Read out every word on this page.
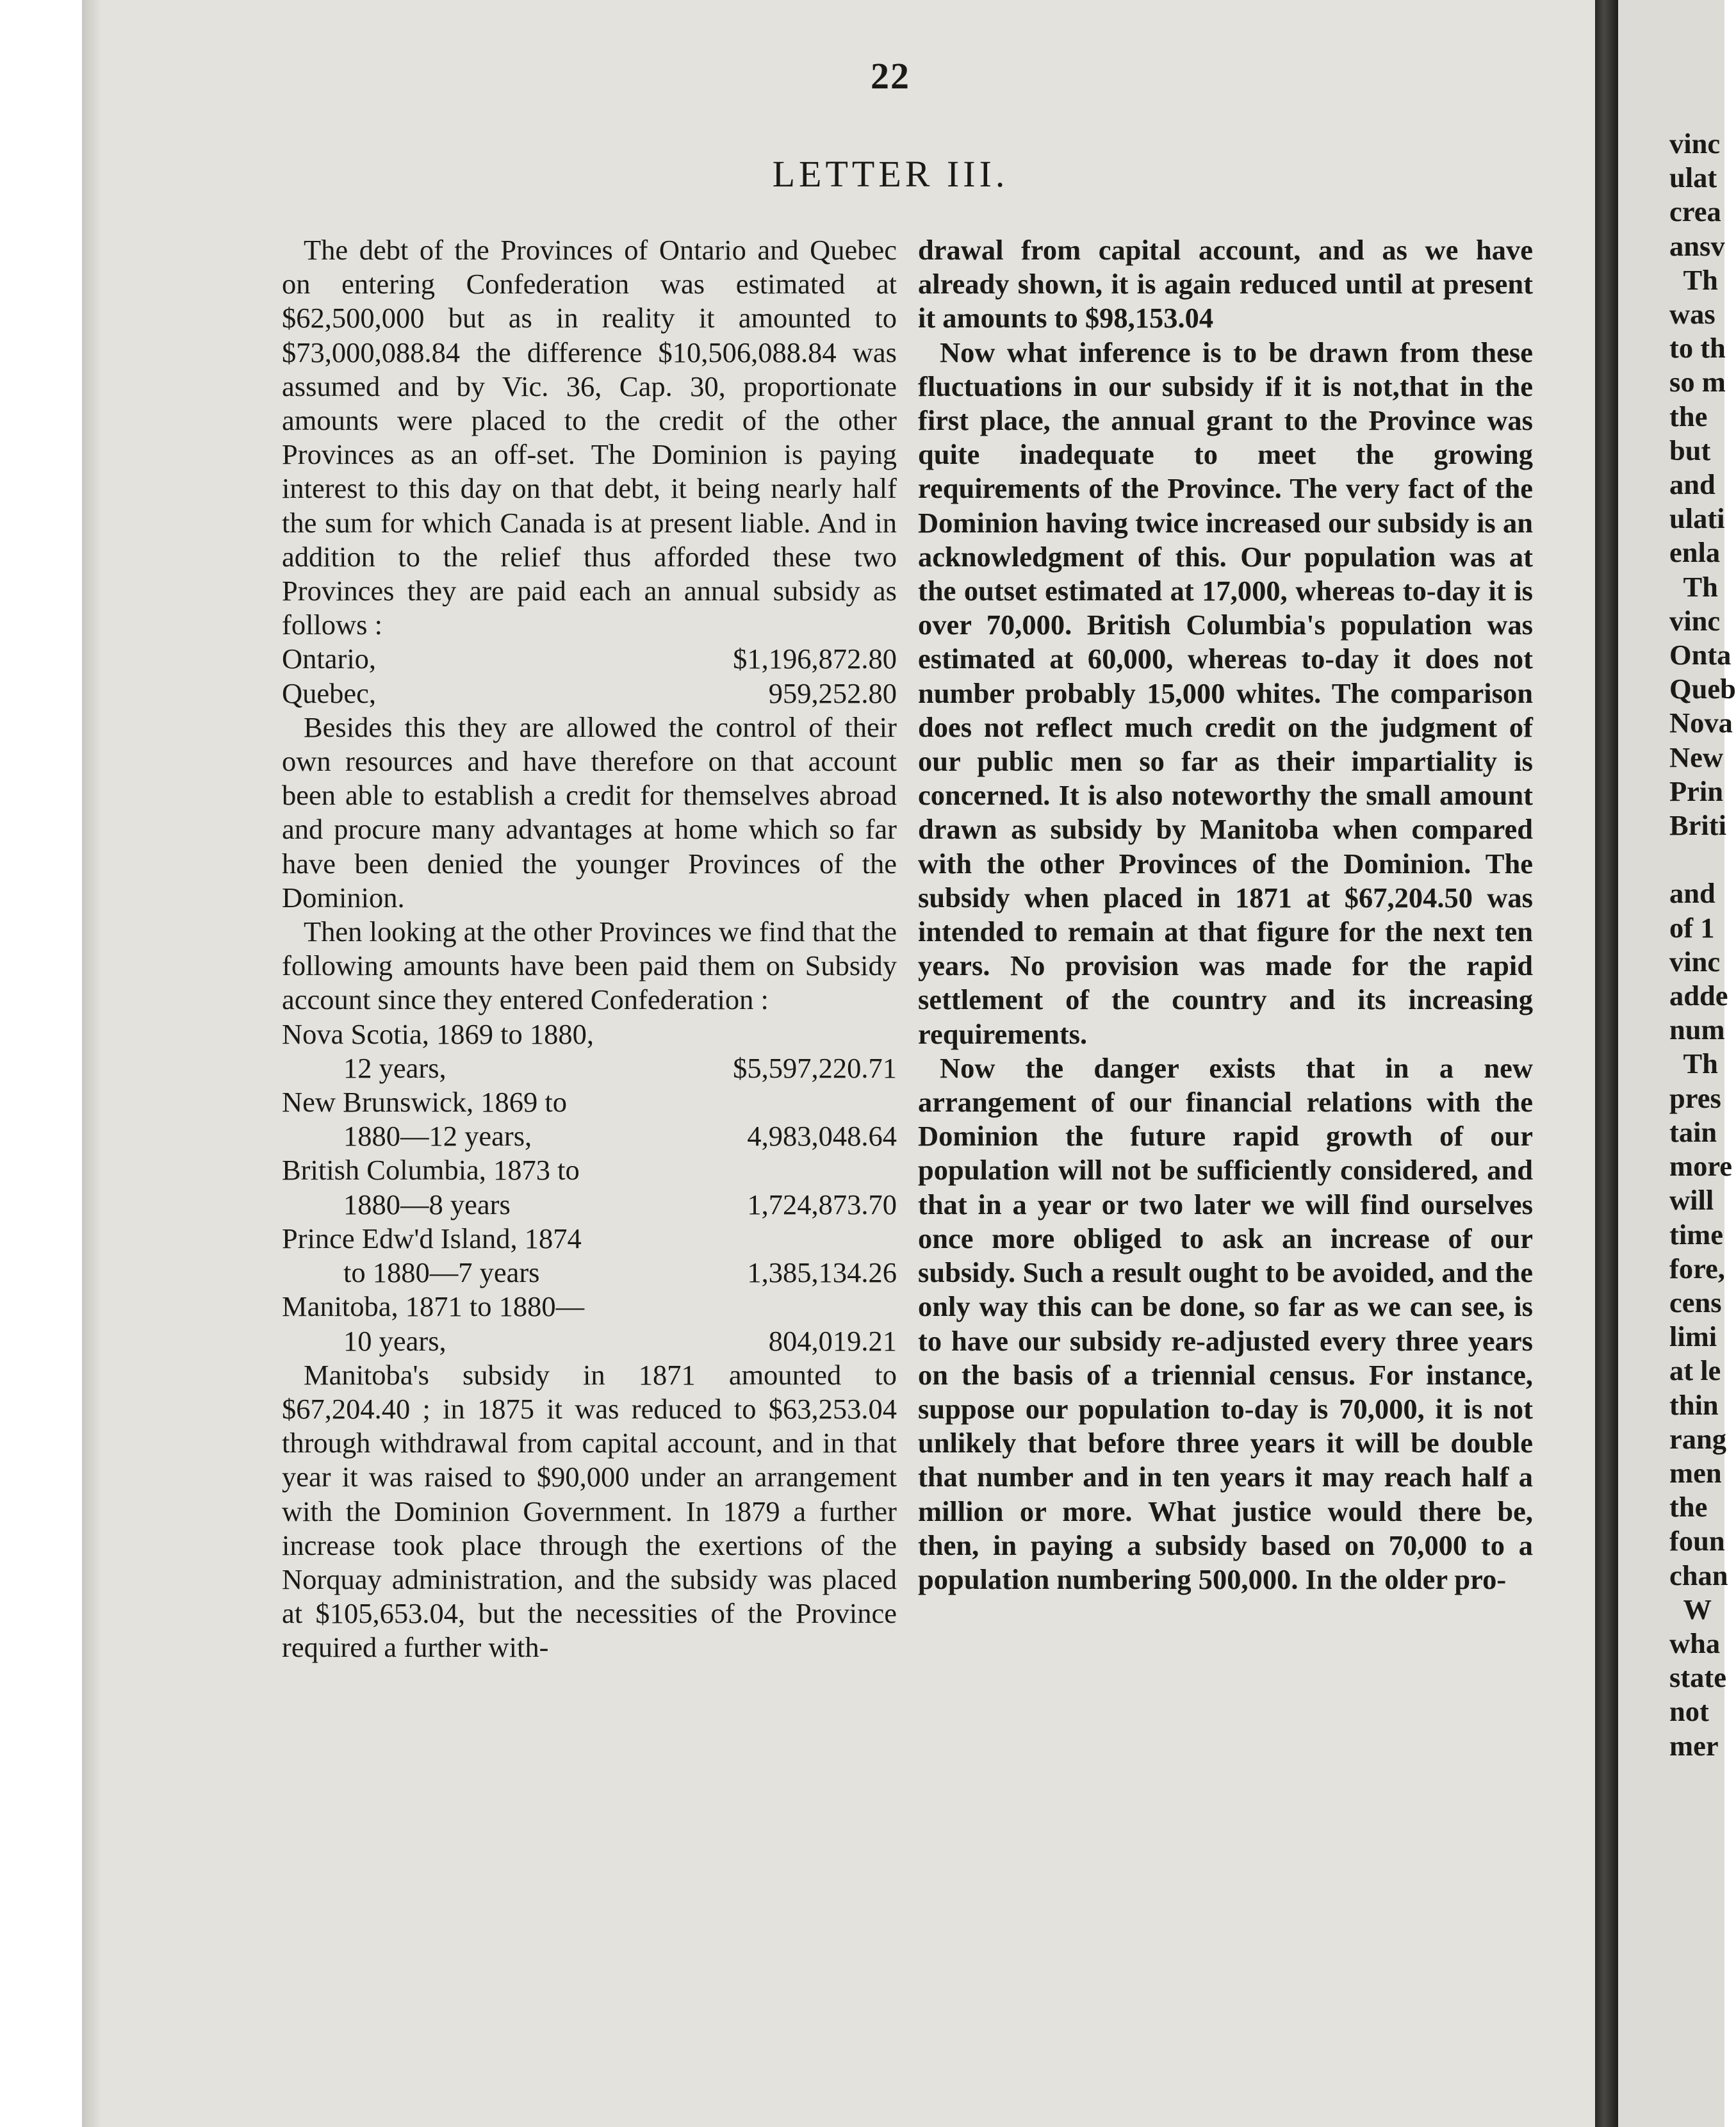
22
LETTER III.

The debt of the Provinces of Ontario and Quebec on entering Confederation was estimated at $62,500,000 but as in reality it amounted to $73,000,088.84 the difference $10,506,088.84 was assumed and by Vic. 36, Cap. 30, proportionate amounts were placed to the credit of the other Provinces as an off-set. The Dominion is paying interest to this day on that debt, it being nearly half the sum for which Canada is at present liable. And in addition to the relief thus afforded these two Provinces they are paid each an annual subsidy as follows :

Ontario,	$1,196,872.80
Quebec,	959,252.80

Besides this they are allowed the control of their own resources and have therefore on that account been able to establish a credit for themselves abroad and procure many advantages at home which so far have been denied the younger Provinces of the Dominion.

Then looking at the other Provinces we find that the following amounts have been paid them on Subsidy account since they entered Confederation :

Nova Scotia, 1869 to 1880,
12 years,	$5,597,220.71
New Brunswick, 1869 to
1880—12 years,	4,983,048.64
British Columbia, 1873 to
1880—8 years	1,724,873.70
Prince Edw'd Island, 1874
to 1880—7 years	1,385,134.26
Manitoba, 1871 to 1880—
10 years,	804,019.21

Manitoba's subsidy in 1871 amounted to $67,204.40 ; in 1875 it was reduced to $63,253.04 through withdrawal from capital account, and in that year it was raised to $90,000 under an arrangement with the Dominion Government. In 1879 a further increase took place through the exertions of the Norquay administration, and the subsidy was placed at $105,653.04, but the necessities of the Province required a further with-

drawal from capital account, and as we have already shown, it is again reduced until at present it amounts to $98,153.04

Now what inference is to be drawn from these fluctuations in our subsidy if it is not,that in the first place, the annual grant to the Province was quite inadequate to meet the growing requirements of the Province. The very fact of the Dominion having twice increased our subsidy is an acknowledgment of this. Our population was at the outset estimated at 17,000, whereas to-day it is over 70,000. British Columbia's population was estimated at 60,000, whereas to-day it does not number probably 15,000 whites. The comparison does not reflect much credit on the judgment of our public men so far as their impartiality is concerned. It is also noteworthy the small amount drawn as subsidy by Manitoba when compared with the other Provinces of the Dominion. The subsidy when placed in 1871 at $67,204.50 was intended to remain at that figure for the next ten years. No provision was made for the rapid settlement of the country and its increasing requirements.

Now the danger exists that in a new arrangement of our financial relations with the Dominion the future rapid growth of our population will not be sufficiently considered, and that in a year or two later we will find ourselves once more obliged to ask an increase of our subsidy. Such a result ought to be avoided, and the only way this can be done, so far as we can see, is to have our subsidy re-adjusted every three years on the basis of a triennial census. For instance, suppose our population to-day is 70,000, it is not unlikely that before three years it will be double that number and in ten years it may reach half a million or more. What justice would there be, then, in paying a subsidy based on 70,000 to a population numbering 500,000. In the older pro-

vinc
ulat
crea
ansv
Th
was
to th
so m
the
but
and
ulati
enla
Th
vinc
Onta
Queb
Nova
New
Prin
Briti

and
of 1
vinc
adde
num
Th
pres
tain
more
will
time
fore,
cens
limi
at le
thin
rang
men
the
foun
chan
W
wha
state
not
mer
